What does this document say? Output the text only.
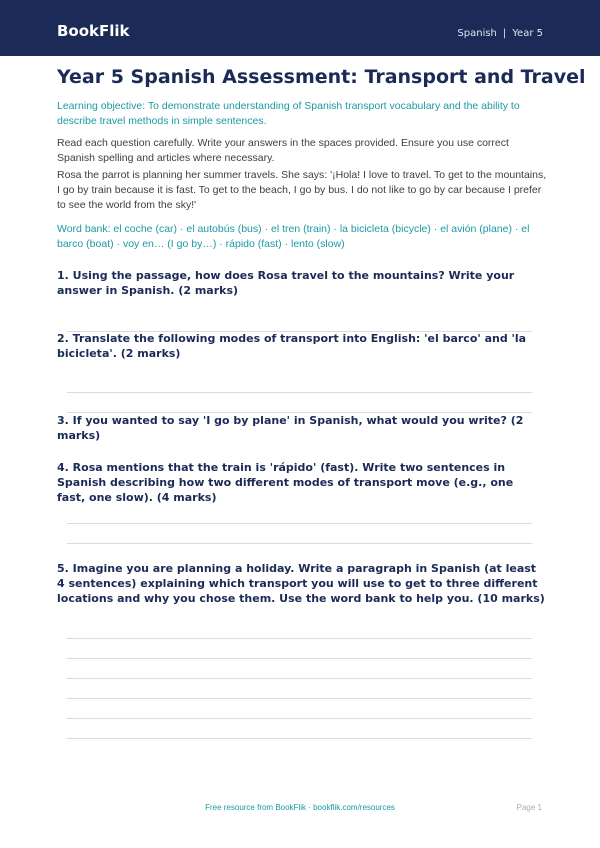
BookFlik	Spanish | Year 5
Year 5 Spanish Assessment: Transport and Travel
Learning objective: To demonstrate understanding of Spanish transport vocabulary and the ability to describe travel methods in simple sentences.
Read each question carefully. Write your answers in the spaces provided. Ensure you use correct Spanish spelling and articles where necessary.
Rosa the parrot is planning her summer travels. She says: '¡Hola! I love to travel. To get to the mountains, I go by train because it is fast. To get to the beach, I go by bus. I do not like to go by car because I prefer to see the world from the sky!'
Word bank: el coche (car) · el autobús (bus) · el tren (train) · la bicicleta (bicycle) · el avión (plane) · el barco (boat) · voy en… (I go by…) · rápido (fast) · lento (slow)
1. Using the passage, how does Rosa travel to the mountains? Write your answer in Spanish. (2 marks)
2. Translate the following modes of transport into English: 'el barco' and 'la bicicleta'. (2 marks)
3. If you wanted to say 'I go by plane' in Spanish, what would you write? (2 marks)
4. Rosa mentions that the train is 'rápido' (fast). Write two sentences in Spanish describing how two different modes of transport move (e.g., one fast, one slow). (4 marks)
5. Imagine you are planning a holiday. Write a paragraph in Spanish (at least 4 sentences) explaining which transport you will use to get to three different locations and why you chose them. Use the word bank to help you. (10 marks)
Free resource from BookFlik · bookflik.com/resources	Page 1
